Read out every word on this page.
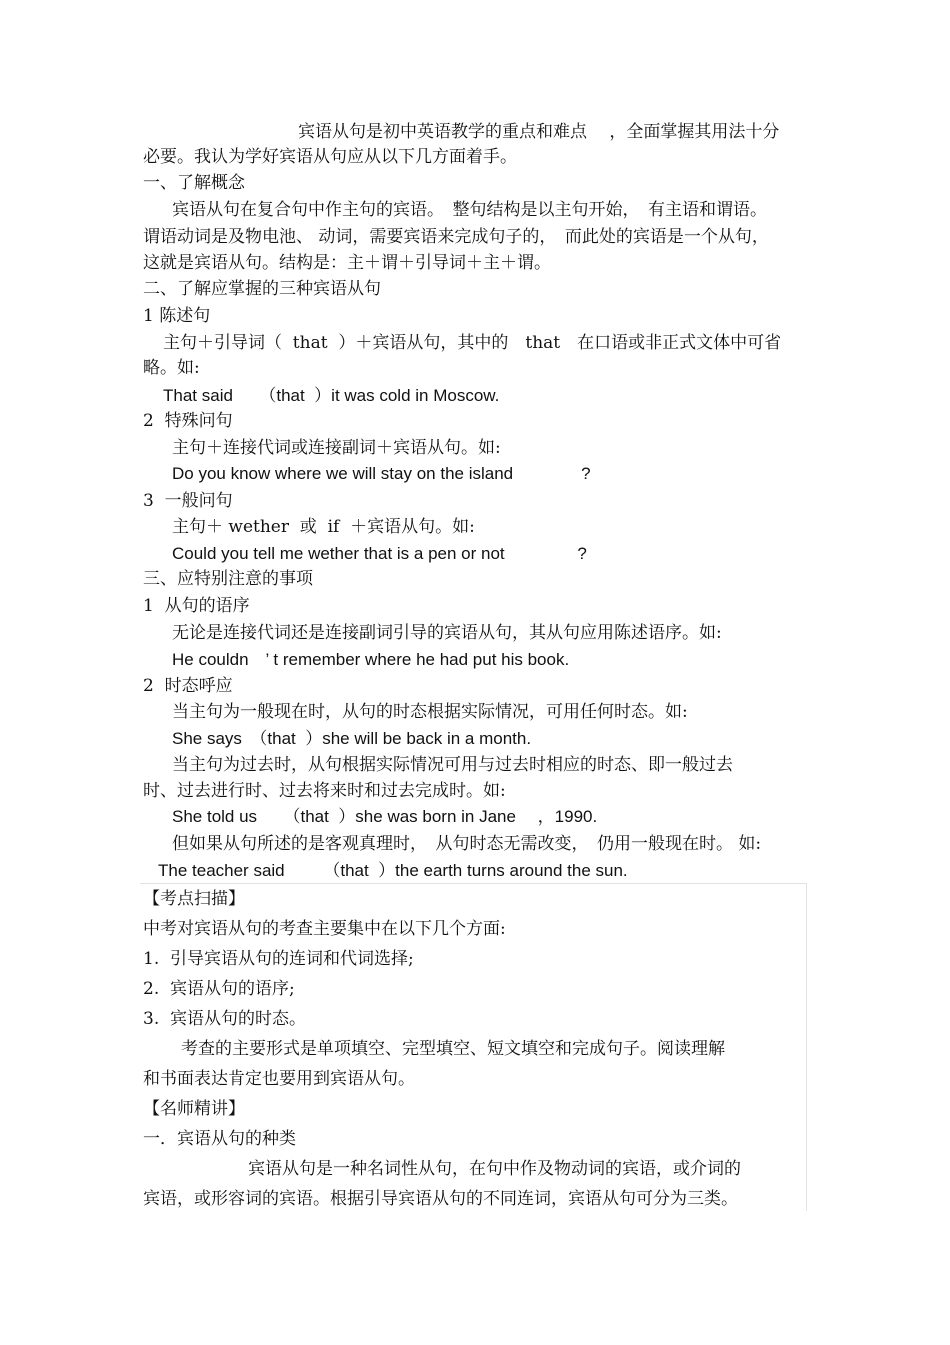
宾语从句是初中英语教学的重点和难点　 ，全面掌握其用法十分
必要。我认为学好宾语从句应从以下几方面着手。
一、了解概念
宾语从句在复合句中作主句的宾语。　整句结构是以主句开始，　有主语和谓语。
谓语动词是及物电池、 动词，需要宾语来完成句子的，　而此处的宾语是一个从句，
这就是宾语从句。结构是：主＋谓＋引导词＋主＋谓。
二、了解应掌握的三种宾语从句
1 陈述句
主句＋引导词（  that  ）＋宾语从句，其中的　that　在口语或非正式文体中可省
略。如:
That said　  （that  ）it was cold in Moscow.
2  特殊问句
主句＋连接代词或连接副词＋宾语从句。如:
Do you know where we will stay on the island　　　　?
3  一般问句
主句＋ wether  或  if  ＋宾语从句。如:
Could you tell me wether that is a pen or not　　　　 ?
三、应特别注意的事项
1  从句的语序
无论是连接代词还是连接副词引导的宾语从句，其从句应用陈述语序。如:
He couldn　’ t remember where he had put his book.
2  时态呼应
当主句为一般现在时，从句的时态根据实际情况，可用任何时态。如:
She says　（that  ）she will be back in a month.
当主句为过去时，从句根据实际情况可用与过去时相应的时态、即一般过去
时、过去进行时、过去将来时和过去完成时。如:
She told us　  （that  ）she was born in Jane　 ，1990.
但如果从句所述的是客观真理时，　从句时态无需改变，　仍用一般现在时。 如:
The teacher said　　 （that  ）the earth turns around the sun.
【考点扫描】
中考对宾语从句的考查主要集中在以下几个方面:
1.  引导宾语从句的连词和代词选择;
2.  宾语从句的语序;
3.  宾语从句的时态。
考查的主要形式是单项填空、完型填空、短文填空和完成句子。阅读理解
和书面表达肯定也要用到宾语从句。
【名师精讲】
一．宾语从句的种类
宾语从句是一种名词性从句，在句中作及物动词的宾语，或介词的
宾语，或形容词的宾语。根据引导宾语从句的不同连词，宾语从句可分为三类。
